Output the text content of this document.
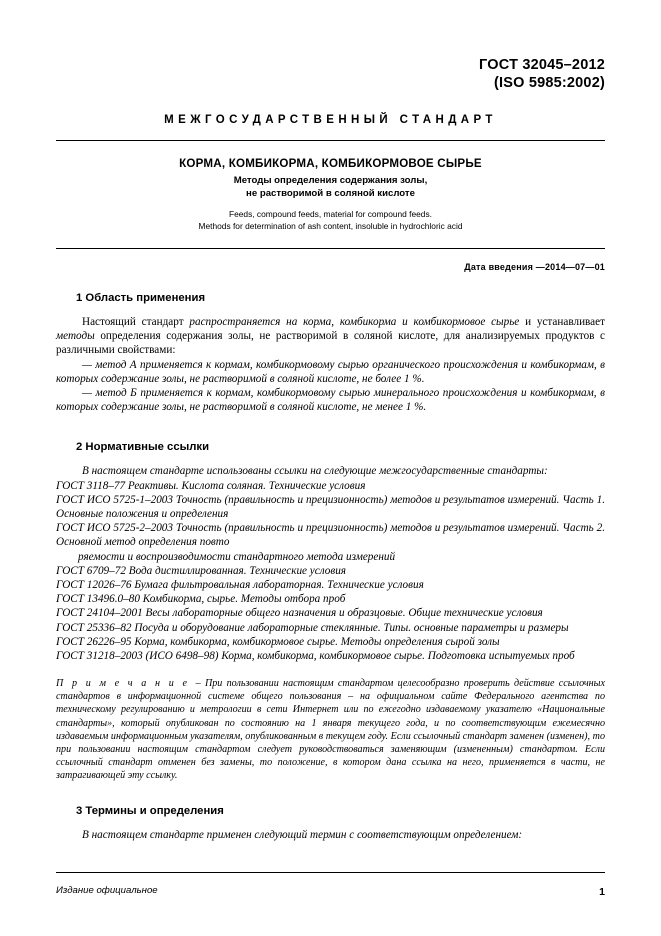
ГОСТ 32045–2012
(ISO 5985:2002)
МЕЖГОСУДАРСТВЕННЫЙ СТАНДАРТ
КОРМА, КОМБИКОРМА, КОМБИКОРМОВОЕ СЫРЬЕ
Методы определения содержания золы,
не растворимой в соляной кислоте
Feeds, compound feeds, material for compound feeds.
Methods for determination of ash content, insoluble in hydrochloric acid
Дата введения —2014—07—01
1 Область применения

Настоящий стандарт распространяется на корма, комбикорма и комбикормовое сырье и устанавливает методы определения содержания золы, не растворимой в соляной кислоте, для анализируемых продуктов с различными свойствами:

— метод А применяется к кормам, комбикормовому сырью органического происхождения и комбикормам, в которых содержание золы, не растворимой в соляной кислоте, не более 1 %.

— метод Б применяется к кормам, комбикормовому сырью минерального происхождения и комбикормам, в которых содержание золы, не растворимой в соляной кислоте, не менее 1 %.

2 Нормативные ссылки

В настоящем стандарте использованы ссылки на следующие межгосударственные стандарты:

ГОСТ 3118–77 Реактивы. Кислота соляная. Технические условия

ГОСТ ИСО 5725-1–2003 Точность (правильность и прецизионность) методов и результатов измерений. Часть 1. Основные положения и определения

ГОСТ ИСО 5725-2–2003 Точность (правильность и прецизионность) методов и результатов измерений. Часть 2. Основной метод определения повто

ряемости и воспроизводимости стандартного метода измерений

ГОСТ 6709–72 Вода дистиллированная. Технические условия

ГОСТ 12026–76 Бумага фильтровальная лабораторная. Технические условия

ГОСТ 13496.0–80 Комбикорма, сырье. Методы отбора проб

ГОСТ 24104–2001 Весы лабораторные общего назначения и образцовые. Общие технические условия

ГОСТ 25336–82 Посуда и оборудование лабораторные стеклянные. Типы. основные параметры и размеры

ГОСТ 26226–95 Корма, комбикорма, комбикормовое сырье. Методы определения сырой золы

ГОСТ 31218–2003 (ИСО 6498–98) Корма, комбикорма, комбикормовое сырье. Подготовка испытуемых проб

П р и м е ч а н и е – При пользовании настоящим стандартом целесообразно проверить действие ссылочных стандартов в информационной системе общего пользования – на официальном сайте Федерального агентства по техническому регулированию и метрологии в сети Интернет или по ежегодно издаваемому указателю «Национальные стандарты», который опубликован по состоянию на 1 января текущего года, и по соответствующим ежемесячно издаваемым информационным указателям, опубликованным в текущем году. Если ссылочный стандарт заменен (изменен), то при пользовании настоящим стандартом следует руководствоваться заменяющим (измененным) стандартом. Если ссылочный стандарт отменен без замены, то положение, в котором дана ссылка на него, применяется в части, не затрагивающей эту ссылку.

3 Термины и определения

В настоящем стандарте применен следующий термин с соответствующим определением:

Издание официальное	1
